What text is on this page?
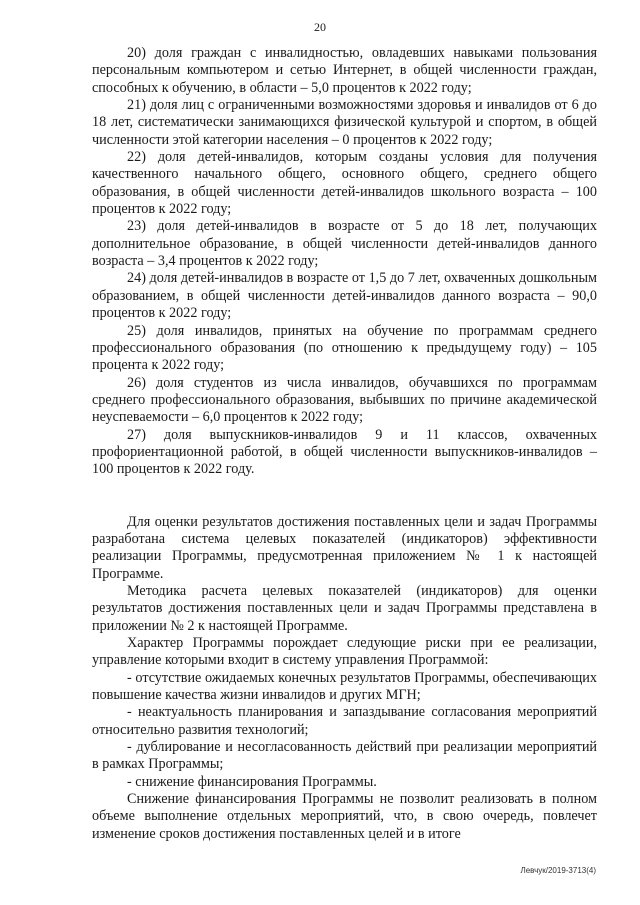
20

20) доля граждан с инвалидностью, овладевших навыками пользования персональным компьютером и сетью Интернет, в общей численности граждан, способных к обучению, в области – 5,0 процентов к 2022 году;

21) доля лиц с ограниченными возможностями здоровья и инвалидов от 6 до 18 лет, систематически занимающихся физической культурой и спортом, в общей численности этой категории населения – 0 процентов к 2022 году;

22) доля детей-инвалидов, которым созданы условия для получения качественного начального общего, основного общего, среднего общего образования, в общей численности детей-инвалидов школьного возраста – 100 процентов к 2022 году;

23) доля детей-инвалидов в возрасте от 5 до 18 лет, получающих дополнительное образование, в общей численности детей-инвалидов данного возраста – 3,4 процентов к 2022 году;

24) доля детей-инвалидов в возрасте от 1,5 до 7 лет, охваченных дошкольным образованием, в общей численности детей-инвалидов данного возраста – 90,0 процентов к 2022 году;

25) доля инвалидов, принятых на обучение по программам среднего профессионального образования (по отношению к предыдущему году) – 105 процента к 2022 году;

26) доля студентов из числа инвалидов, обучавшихся по программам среднего профессионального образования, выбывших по причине академической неуспеваемости – 6,0 процентов к 2022 году;

27) доля выпускников-инвалидов 9 и 11 классов, охваченных профориентационной работой, в общей численности выпускников-инвалидов – 100 процентов к 2022 году.

Для оценки результатов достижения поставленных цели и задач Программы разработана система целевых показателей (индикаторов) эффективности реализации Программы, предусмотренная приложением № 1 к настоящей Программе.

Методика расчета целевых показателей (индикаторов) для оценки результатов достижения поставленных цели и задач Программы представлена в приложении № 2 к настоящей Программе.

Характер Программы порождает следующие риски при ее реализации, управление которыми входит в систему управления Программой:

- отсутствие ожидаемых конечных результатов Программы, обеспечивающих повышение качества жизни инвалидов и других МГН;

- неактуальность планирования и запаздывание согласования мероприятий относительно развития технологий;

- дублирование и несогласованность действий при реализации мероприятий в рамках Программы;

- снижение финансирования Программы.

Снижение финансирования Программы не позволит реализовать в полном объеме выполнение отдельных мероприятий, что, в свою очередь, повлечет изменение сроков достижения поставленных целей и в итоге

Левчук/2019-3713(4)
